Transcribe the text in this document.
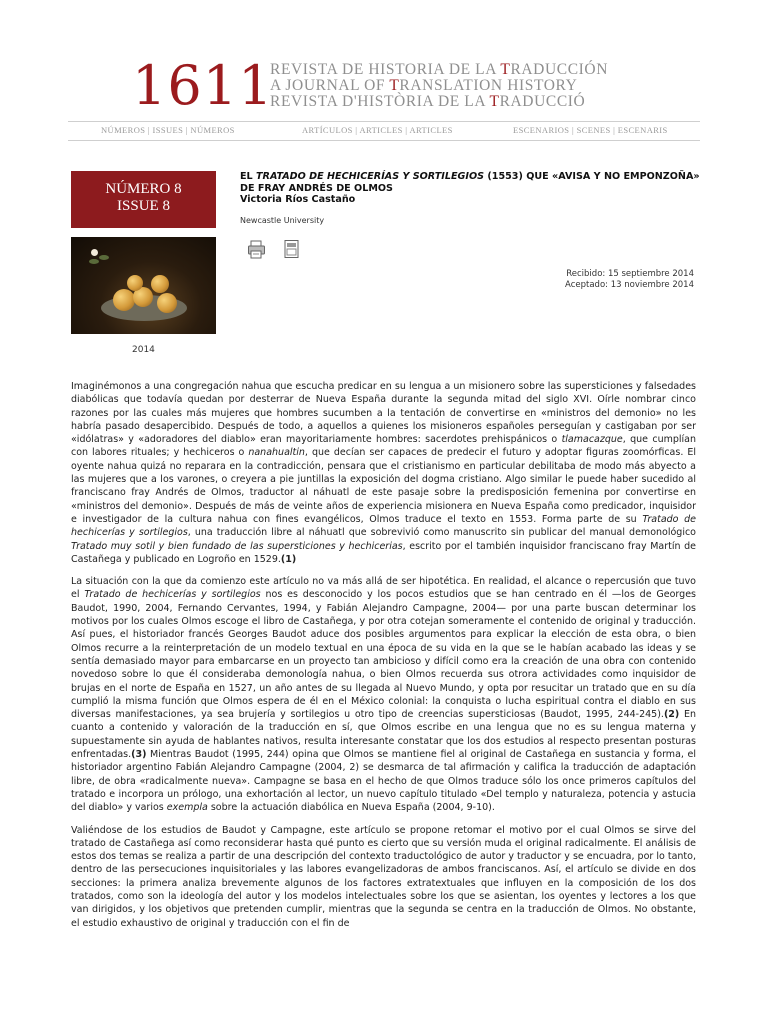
1611
REVISTA DE HISTORIA DE LA TRADUCCIÓN
A JOURNAL OF TRANSLATION HISTORY
REVISTA D'HISTÒRIA DE LA TRADUCCIÓ
NÚMEROS | ISSUES | NÚMEROS	ARTÍCULOS | ARTICLES | ARTICLES	ESCENARIOS | SCENES | ESCENARIS
NÚMERO 8
ISSUE 8
2014
EL TRATADO DE HECHICERÍAS Y SORTILEGIOS (1553) QUE «AVISA Y NO EMPONZOÑA» DE FRAY ANDRÉS DE OLMOS
Victoria Ríos Castaño
Newcastle University
Recibido: 15 septiembre 2014
Aceptado: 13 noviembre 2014

Imaginémonos a una congregación nahua que escucha predicar en su lengua a un misionero sobre las supersticiones y falsedades diabólicas que todavía quedan por desterrar de Nueva España durante la segunda mitad del siglo XVI. Oírle nombrar cinco razones por las cuales más mujeres que hombres sucumben a la tentación de convertirse en «ministros del demonio» no les habría pasado desapercibido. Después de todo, a aquellos a quienes los misioneros españoles perseguían y castigaban por ser «idólatras» y «adoradores del diablo» eran mayoritariamente hombres: sacerdotes prehispánicos o tlamacazque, que cumplían con labores rituales; y hechiceros o nanahualtin, que decían ser capaces de predecir el futuro y adoptar figuras zoomórficas. El oyente nahua quizá no reparara en la contradicción, pensara que el cristianismo en particular debilitaba de modo más abyecto a las mujeres que a los varones, o creyera a pie juntillas la exposición del dogma cristiano. Algo similar le puede haber sucedido al franciscano fray Andrés de Olmos, traductor al náhuatl de este pasaje sobre la predisposición femenina por convertirse en «ministros del demonio». Después de más de veinte años de experiencia misionera en Nueva España como predicador, inquisidor e investigador de la cultura nahua con fines evangélicos, Olmos traduce el texto en 1553. Forma parte de su Tratado de hechicerías y sortilegios, una traducción libre al náhuatl que sobrevivió como manuscrito sin publicar del manual demonológico Tratado muy sotil y bien fundado de las supersticiones y hechicerias, escrito por el también inquisidor franciscano fray Martín de Castañega y publicado en Logroño en 1529.(1)

La situación con la que da comienzo este artículo no va más allá de ser hipotética. En realidad, el alcance o repercusión que tuvo el Tratado de hechicerías y sortilegios nos es desconocido y los pocos estudios que se han centrado en él —los de Georges Baudot, 1990, 2004, Fernando Cervantes, 1994, y Fabián Alejandro Campagne, 2004— por una parte buscan determinar los motivos por los cuales Olmos escoge el libro de Castañega, y por otra cotejan someramente el contenido de original y traducción. Así pues, el historiador francés Georges Baudot aduce dos posibles argumentos para explicar la elección de esta obra, o bien Olmos recurre a la reinterpretación de un modelo textual en una época de su vida en la que se le habían acabado las ideas y se sentía demasiado mayor para embarcarse en un proyecto tan ambicioso y difícil como era la creación de una obra con contenido novedoso sobre lo que él consideraba demonología nahua, o bien Olmos recuerda sus otrora actividades como inquisidor de brujas en el norte de España en 1527, un año antes de su llegada al Nuevo Mundo, y opta por resucitar un tratado que en su día cumplió la misma función que Olmos espera de él en el México colonial: la conquista o lucha espiritual contra el diablo en sus diversas manifestaciones, ya sea brujería y sortilegios u otro tipo de creencias supersticiosas (Baudot, 1995, 244-245).(2) En cuanto a contenido y valoración de la traducción en sí, que Olmos escribe en una lengua que no es su lengua materna y supuestamente sin ayuda de hablantes nativos, resulta interesante constatar que los dos estudios al respecto presentan posturas enfrentadas.(3) Mientras Baudot (1995, 244) opina que Olmos se mantiene fiel al original de Castañega en sustancia y forma, el historiador argentino Fabián Alejandro Campagne (2004, 2) se desmarca de tal afirmación y califica la traducción de adaptación libre, de obra «radicalmente nueva». Campagne se basa en el hecho de que Olmos traduce sólo los once primeros capítulos del tratado e incorpora un prólogo, una exhortación al lector, un nuevo capítulo titulado «Del templo y naturaleza, potencia y astucia del diablo» y varios exempla sobre la actuación diabólica en Nueva España (2004, 9-10).

Valiéndose de los estudios de Baudot y Campagne, este artículo se propone retomar el motivo por el cual Olmos se sirve del tratado de Castañega así como reconsiderar hasta qué punto es cierto que su versión muda el original radicalmente. El análisis de estos dos temas se realiza a partir de una descripción del contexto traductológico de autor y traductor y se encuadra, por lo tanto, dentro de las persecuciones inquisitoriales y las labores evangelizadoras de ambos franciscanos. Así, el artículo se divide en dos secciones: la primera analiza brevemente algunos de los factores extratextuales que influyen en la composición de los dos tratados, como son la ideología del autor y los modelos intelectuales sobre los que se asientan, los oyentes y lectores a los que van dirigidos, y los objetivos que pretenden cumplir, mientras que la segunda se centra en la traducción de Olmos. No obstante, el estudio exhaustivo de original y traducción con el fin de
